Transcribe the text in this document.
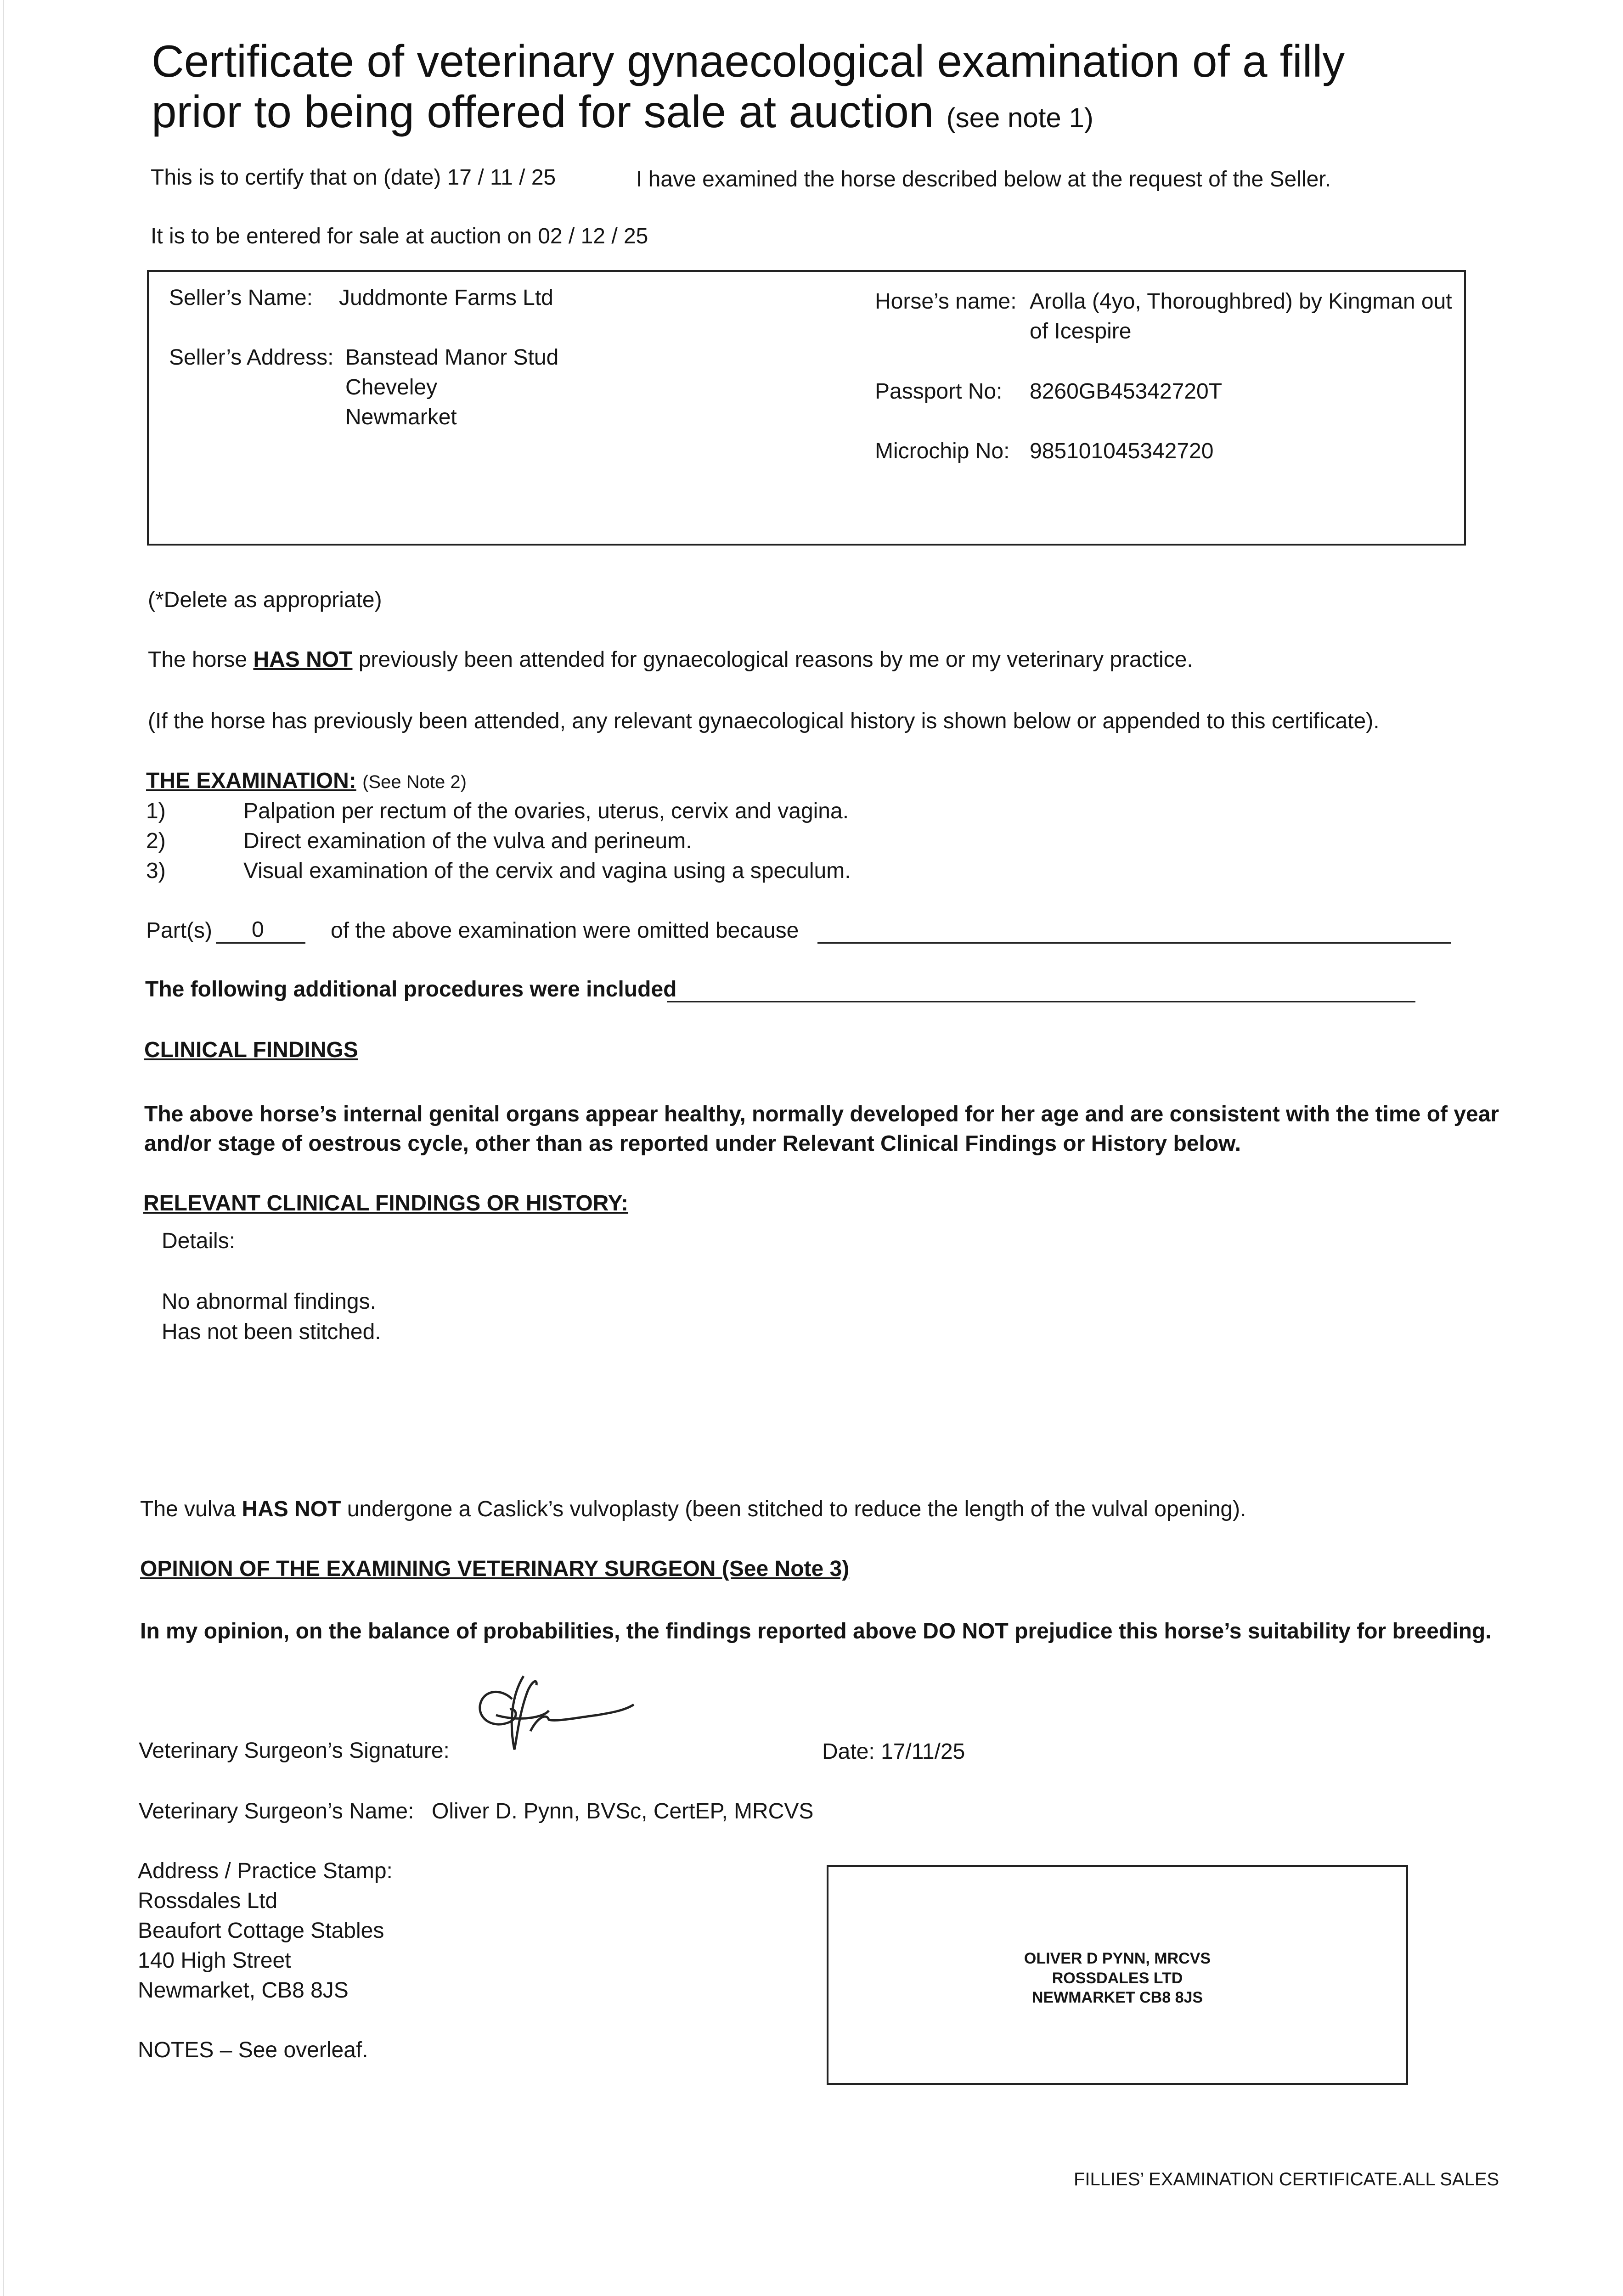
Certificate of veterinary gynaecological examination of a filly
prior to being offered for sale at auction (see note 1)
This is to certify that on (date) 17 / 11 / 25	I have examined the horse described below at the request of the Seller.
It is to be entered for sale at auction on 02 / 12 / 25
Seller’s Name: Juddmonte Farms Ltd
Seller’s Address: Banstead Manor Stud
Cheveley
Newmarket
Horse’s name: Arolla (4yo, Thoroughbred) by Kingman out
of Icespire
Passport No: 8260GB45342720T
Microchip No: 985101045342720
(*Delete as appropriate)
The horse HAS NOT previously been attended for gynaecological reasons by me or my veterinary practice.
(If the horse has previously been attended, any relevant gynaecological history is shown below or appended to this certificate).
THE EXAMINATION: (See Note 2)
1)	Palpation per rectum of the ovaries, uterus, cervix and vagina.
2)	Direct examination of the vulva and perineum.
3)	Visual examination of the cervix and vagina using a speculum.
Part(s) 0	of the above examination were omitted because
The following additional procedures were included
CLINICAL FINDINGS
The above horse’s internal genital organs appear healthy, normally developed for her age and are consistent with the time of year
and/or stage of oestrous cycle, other than as reported under Relevant Clinical Findings or History below.
RELEVANT CLINICAL FINDINGS OR HISTORY:
Details:
No abnormal findings.
Has not been stitched.
The vulva HAS NOT undergone a Caslick’s vulvoplasty (been stitched to reduce the length of the vulval opening).
OPINION OF THE EXAMINING VETERINARY SURGEON (See Note 3)
In my opinion, on the balance of probabilities, the findings reported above DO NOT prejudice this horse’s suitability for breeding.
Veterinary Surgeon’s Signature:	Date: 17/11/25
Veterinary Surgeon’s Name: Oliver D. Pynn, BVSc, CertEP, MRCVS
Address / Practice Stamp:
Rossdales Ltd
Beaufort Cottage Stables
140 High Street
Newmarket, CB8 8JS
OLIVER D PYNN, MRCVS
ROSSDALES LTD
NEWMARKET CB8 8JS
NOTES – See overleaf.
FILLIES’ EXAMINATION CERTIFICATE.ALL SALES
